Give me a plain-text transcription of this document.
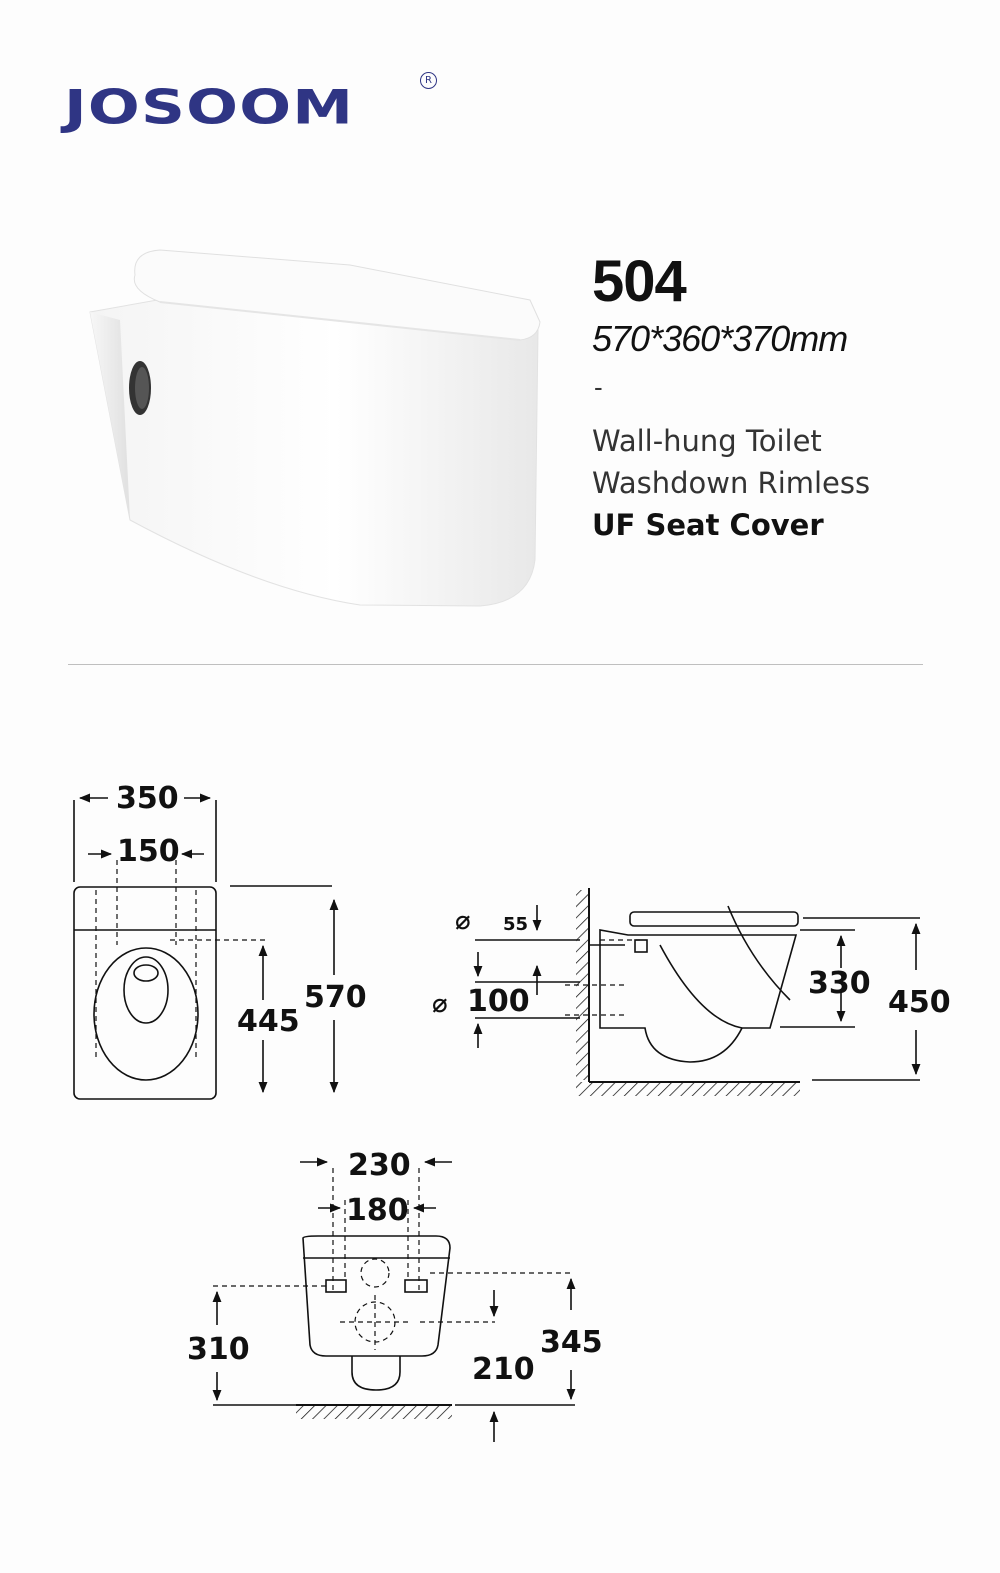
JOSOOM	R
504
570*360*370mm
-
Wall-hung Toilet
Washdown Rimless
UF Seat Cover
350
150
445
570
⌀ 55
⌀ 100
330
450
230
180
310
210
345
